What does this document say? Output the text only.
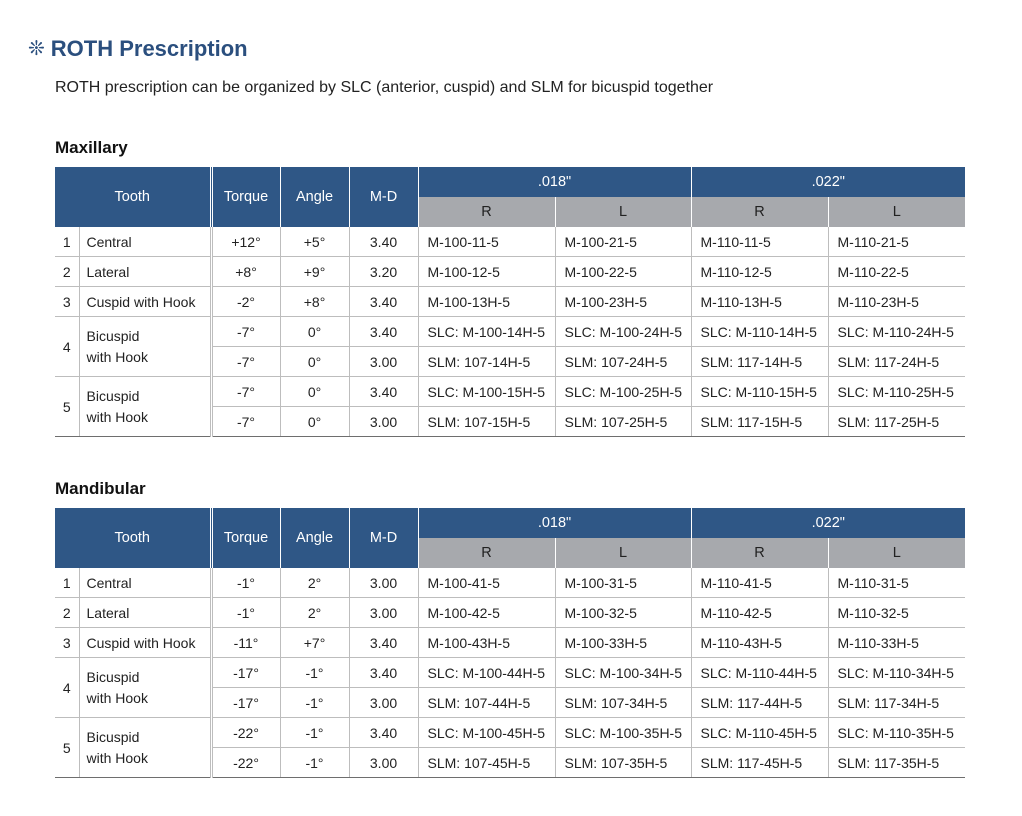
❊ ROTH Prescription
ROTH prescription can be organized by SLC (anterior, cuspid) and SLM for bicuspid together
Maxillary
Tooth		Torque	Angle	M-D	.018"		.022"	
					R	L	R	L
1	Central	+12°	+5°	3.40	M-100-11-5	M-100-21-5	M-110-11-5	M-110-21-5
2	Lateral	+8°	+9°	3.20	M-100-12-5	M-100-22-5	M-110-12-5	M-110-22-5
3	Cuspid with Hook	-2°	+8°	3.40	M-100-13H-5	M-100-23H-5	M-110-13H-5	M-110-23H-5
4	Bicuspid
with Hook	-7°	0°	3.40	SLC: M-100-14H-5	SLC: M-100-24H-5	SLC: M-110-14H-5	SLC: M-110-24H-5
		-7°	0°	3.00	SLM: 107-14H-5	SLM: 107-24H-5	SLM: 117-14H-5	SLM: 117-24H-5
5	Bicuspid
with Hook	-7°	0°	3.40	SLC: M-100-15H-5	SLC: M-100-25H-5	SLC: M-110-15H-5	SLC: M-110-25H-5
		-7°	0°	3.00	SLM: 107-15H-5	SLM: 107-25H-5	SLM: 117-15H-5	SLM: 117-25H-5
Mandibular
Tooth		Torque	Angle	M-D	.018"		.022"	
					R	L	R	L
1	Central	-1°	2°	3.00	M-100-41-5	M-100-31-5	M-110-41-5	M-110-31-5
2	Lateral	-1°	2°	3.00	M-100-42-5	M-100-32-5	M-110-42-5	M-110-32-5
3	Cuspid with Hook	-11°	+7°	3.40	M-100-43H-5	M-100-33H-5	M-110-43H-5	M-110-33H-5
4	Bicuspid
with Hook	-17°	-1°	3.40	SLC: M-100-44H-5	SLC: M-100-34H-5	SLC: M-110-44H-5	SLC: M-110-34H-5
		-17°	-1°	3.00	SLM: 107-44H-5	SLM: 107-34H-5	SLM: 117-44H-5	SLM: 117-34H-5
5	Bicuspid
with Hook	-22°	-1°	3.40	SLC: M-100-45H-5	SLC: M-100-35H-5	SLC: M-110-45H-5	SLC: M-110-35H-5
		-22°	-1°	3.00	SLM: 107-45H-5	SLM: 107-35H-5	SLM: 117-45H-5	SLM: 117-35H-5
